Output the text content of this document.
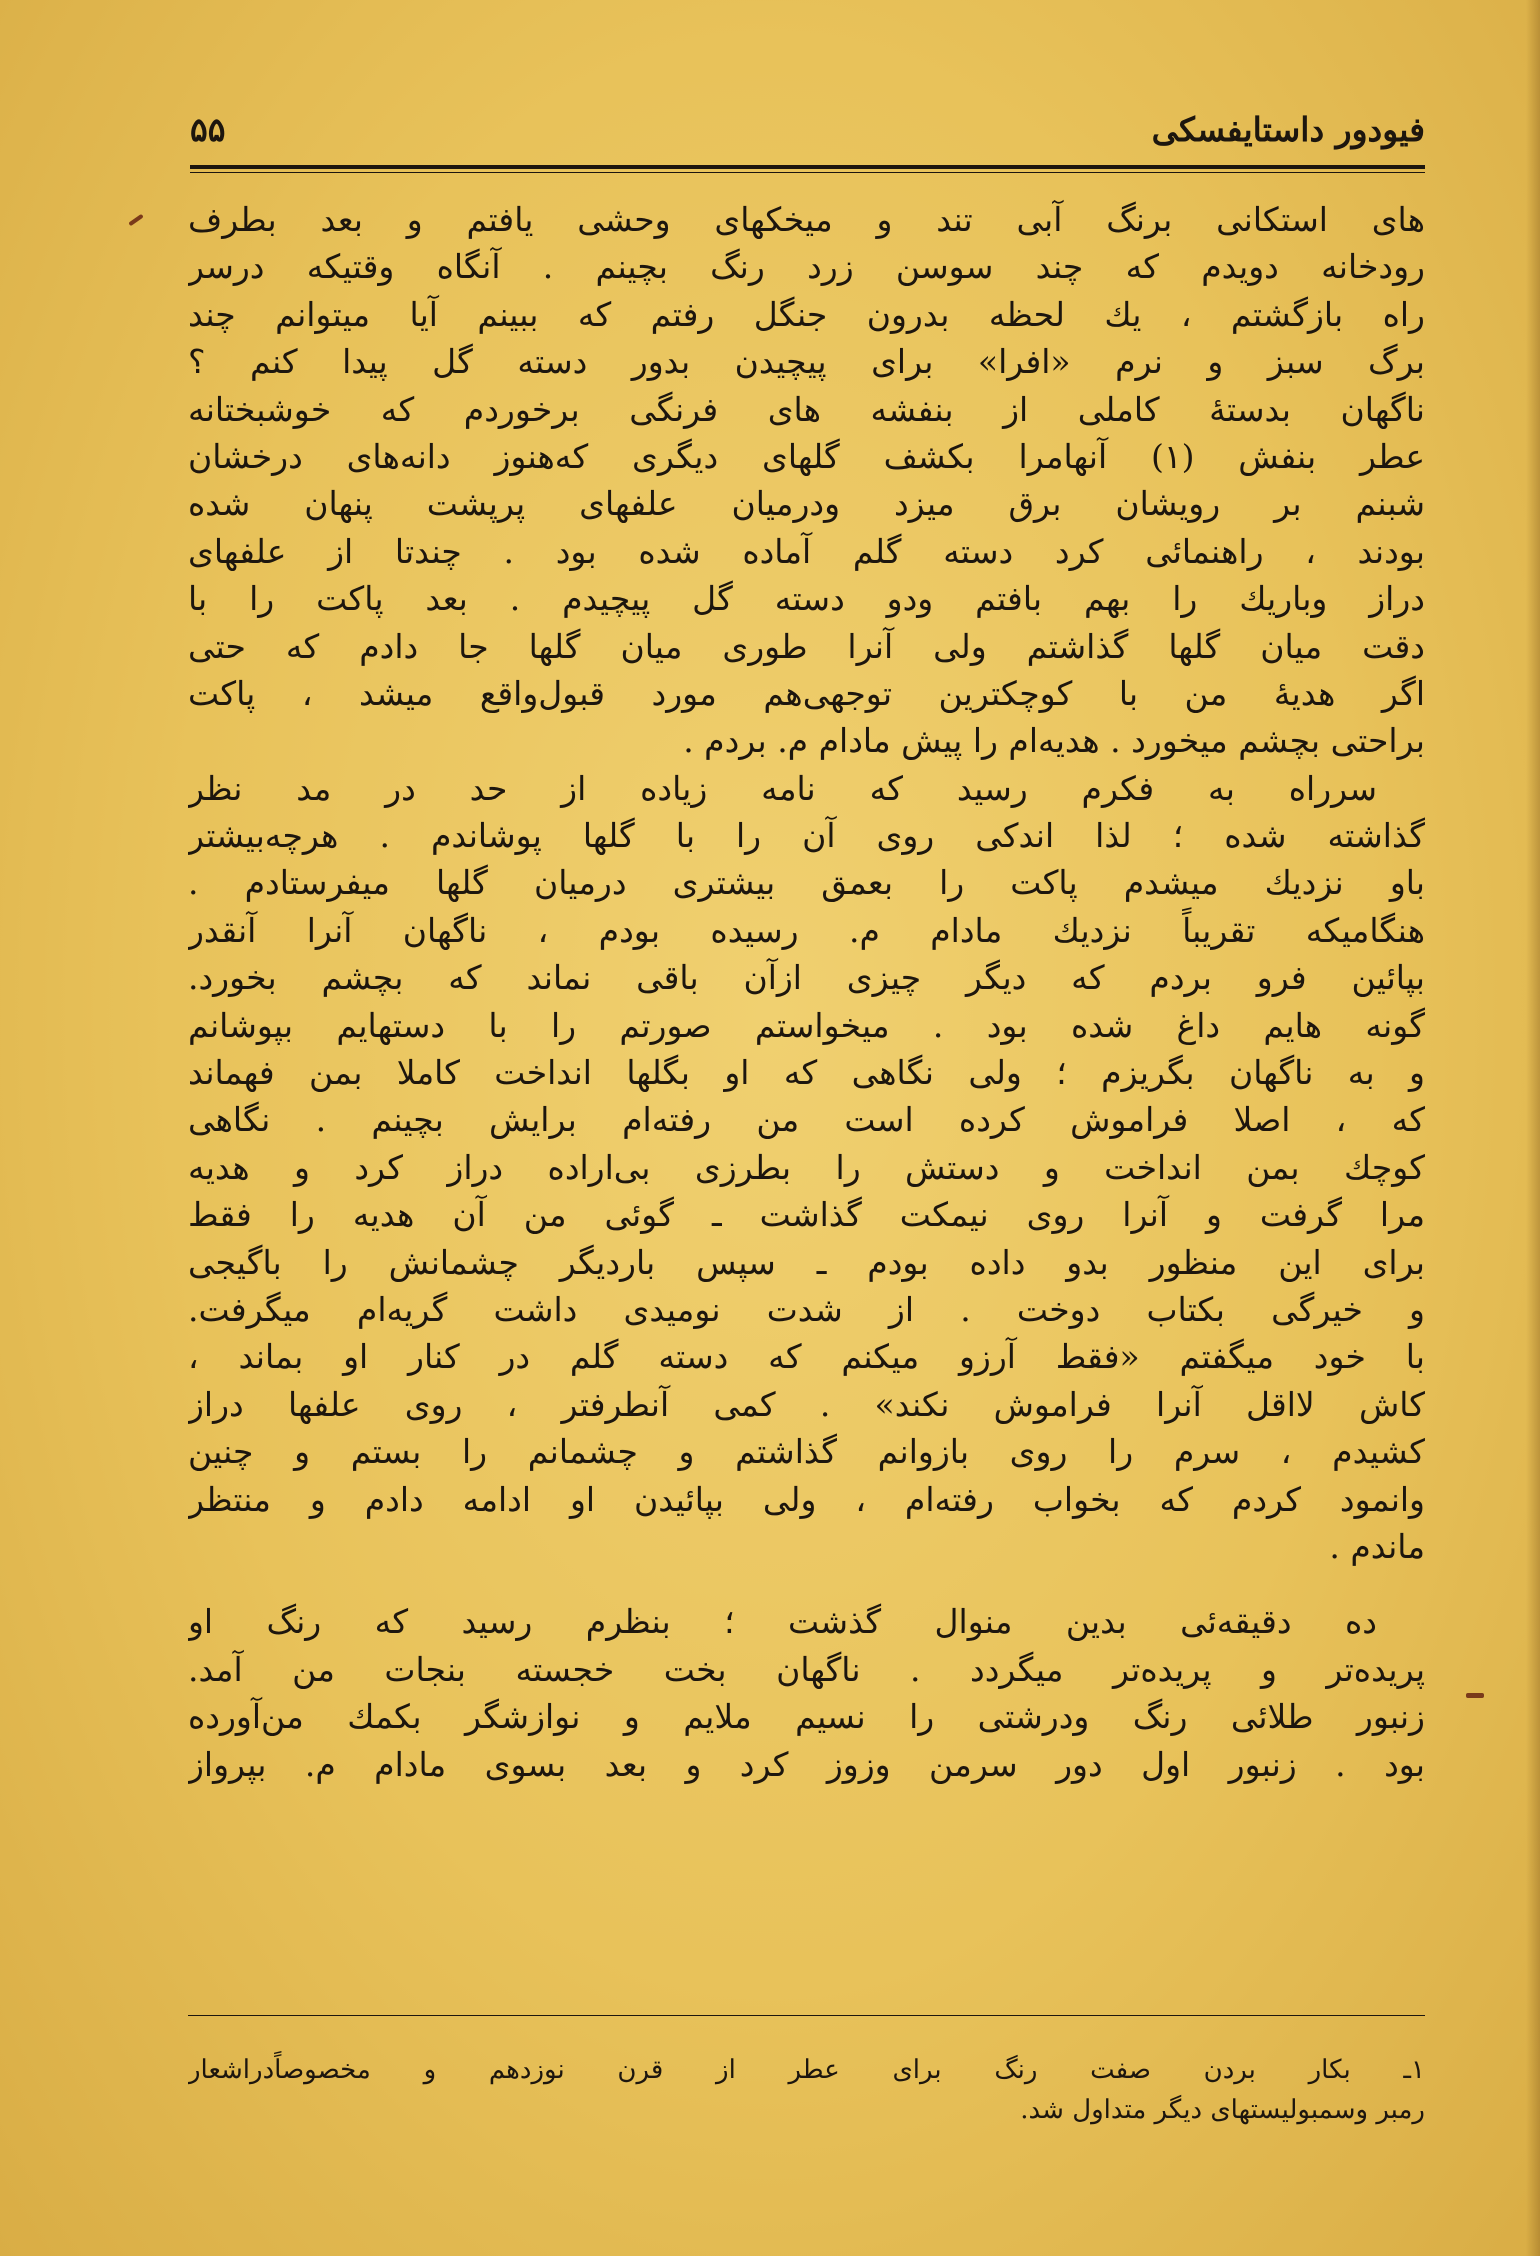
فیودور داستایفسکی
۵۵
های استکانی برنگ آبی تند و میخکهای وحشی یافتم و بعد بطرف
رودخانه دویدم که چند سوسن زرد رنگ بچینم . آنگاه وقتیکه درسر
راه بازگشتم ، یك لحظه بدرون جنگل رفتم که ببینم آیا میتوانم چند
برگ سبز و نرم «افرا» برای پیچیدن بدور دسته گل پیدا کنم ؟
ناگهان بدستهٔ کاملی از بنفشه های فرنگی برخوردم که خوشبختانه
عطر بنفش (۱) آنهامرا بکشف گلهای دیگری که‌هنوز دانه‌های درخشان
شبنم بر رویشان برق میزد ودرمیان علفهای پرپشت پنهان شده
بودند ، راهنمائی کرد دسته گلم آماده شده بود . چندتا از علفهای
دراز وباریك را بهم بافتم ودو دسته گل پیچیدم . بعد پاکت را با
دقت میان گلها گذاشتم ولی آنرا طوری میان گلها جا دادم که حتی
اگر هدیهٔ من با کوچکترین توجهی‌هم مورد قبول‌واقع میشد ، پاکت
براحتی بچشم میخورد . هدیه‌ام را پیش مادام م. بردم .
سرراه به فکرم رسید که نامه زیاده از حد در مد نظر
گذاشته شده ؛ لذا اندکی روی آن را با گلها پوشاندم . هرچه‌بیشتر
باو نزدیك میشدم پاکت را بعمق بیشتری درمیان گلها میفرستادم .
هنگامیکه تقریباً نزدیك مادام م. رسیده بودم ، ناگهان آنرا آنقدر
بپائین فرو بردم که دیگر چیزی ازآن باقی نماند که بچشم بخورد.
گونه هایم داغ شده بود . میخواستم صورتم را با دستهایم بپوشانم
و به ناگهان بگریزم ؛ ولی نگاهی که او بگلها انداخت کاملا بمن فهماند
که ، اصلا فراموش کرده است من رفته‌ام برایش بچینم . نگاهی
کوچك بمن انداخت و دستش را بطرزی بی‌اراده دراز کرد و هدیه
مرا گرفت و آنرا روی نیمکت گذاشت ـ گوئی من آن هدیه را فقط
برای این منظور بدو داده بودم ـ سپس باردیگر چشمانش را باگیجی
و خیرگی بکتاب دوخت . از شدت نومیدی داشت گریه‌ام میگرفت.
با خود میگفتم «فقط آرزو میکنم که دسته گلم در کنار او بماند ،
کاش لااقل آنرا فراموش نکند» . کمی آنطرفتر ، روی علفها دراز
کشیدم ، سرم را روی بازوانم گذاشتم و چشمانم را بستم و چنین
وانمود کردم که بخواب رفته‌ام ، ولی بپائیدن او ادامه دادم و منتظر
ماندم .
ده دقیقه‌ئی بدین منوال گذشت ؛ بنظرم رسید که رنگ او
پریده‌تر و پریده‌تر میگردد . ناگهان بخت خجسته بنجات من آمد.
زنبور طلائی رنگ ودرشتی را نسیم ملایم و نوازشگر بکمك من‌آورده
بود . زنبور اول دور سرمن وزوز کرد و بعد بسوی مادام م. بپرواز
۱ـ بکار بردن صفت رنگ برای عطر از قرن نوزدهم و مخصوصاًدراشعار
رمبر وسمبولیستهای دیگر متداول شد.
